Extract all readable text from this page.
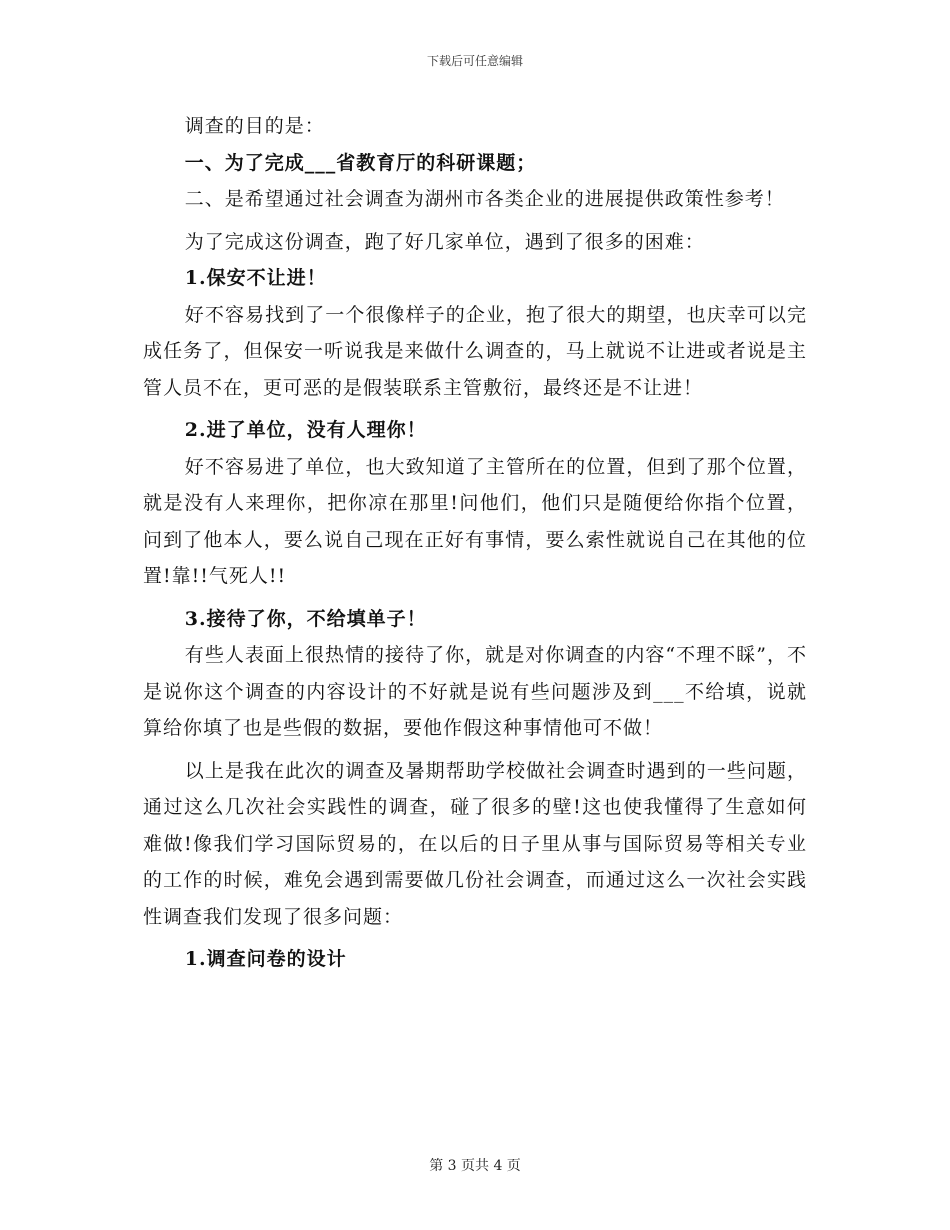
下载后可任意编辑

调查的目的是：

一、为了完成___省教育厅的科研课题；

二、是希望通过社会调查为湖州市各类企业的进展提供政策性参考！

为了完成这份调查，跑了好几家单位，遇到了很多的困难：

1.保安不让进！

好不容易找到了一个很像样子的企业，抱了很大的期望，也庆幸可以完成任务了，但保安一听说我是来做什么调查的，马上就说不让进或者说是主管人员不在，更可恶的是假装联系主管敷衍，最终还是不让进！

2.进了单位，没有人理你！

好不容易进了单位，也大致知道了主管所在的位置，但到了那个位置，就是没有人来理你，把你凉在那里!问他们，他们只是随便给你指个位置，问到了他本人，要么说自己现在正好有事情，要么索性就说自己在其他的位置!靠!!气死人!!

3.接待了你，不给填单子！

有些人表面上很热情的接待了你，就是对你调查的内容“不理不睬”，不是说你这个调查的内容设计的不好就是说有些问题涉及到___不给填，说就算给你填了也是些假的数据，要他作假这种事情他可不做！

以上是我在此次的调查及暑期帮助学校做社会调查时遇到的一些问题，通过这么几次社会实践性的调查，碰了很多的壁!这也使我懂得了生意如何难做!像我们学习国际贸易的，在以后的日子里从事与国际贸易等相关专业的工作的时候，难免会遇到需要做几份社会调查，而通过这么一次社会实践性调查我们发现了很多问题：

1.调查问卷的设计

第 3 页共 4 页
